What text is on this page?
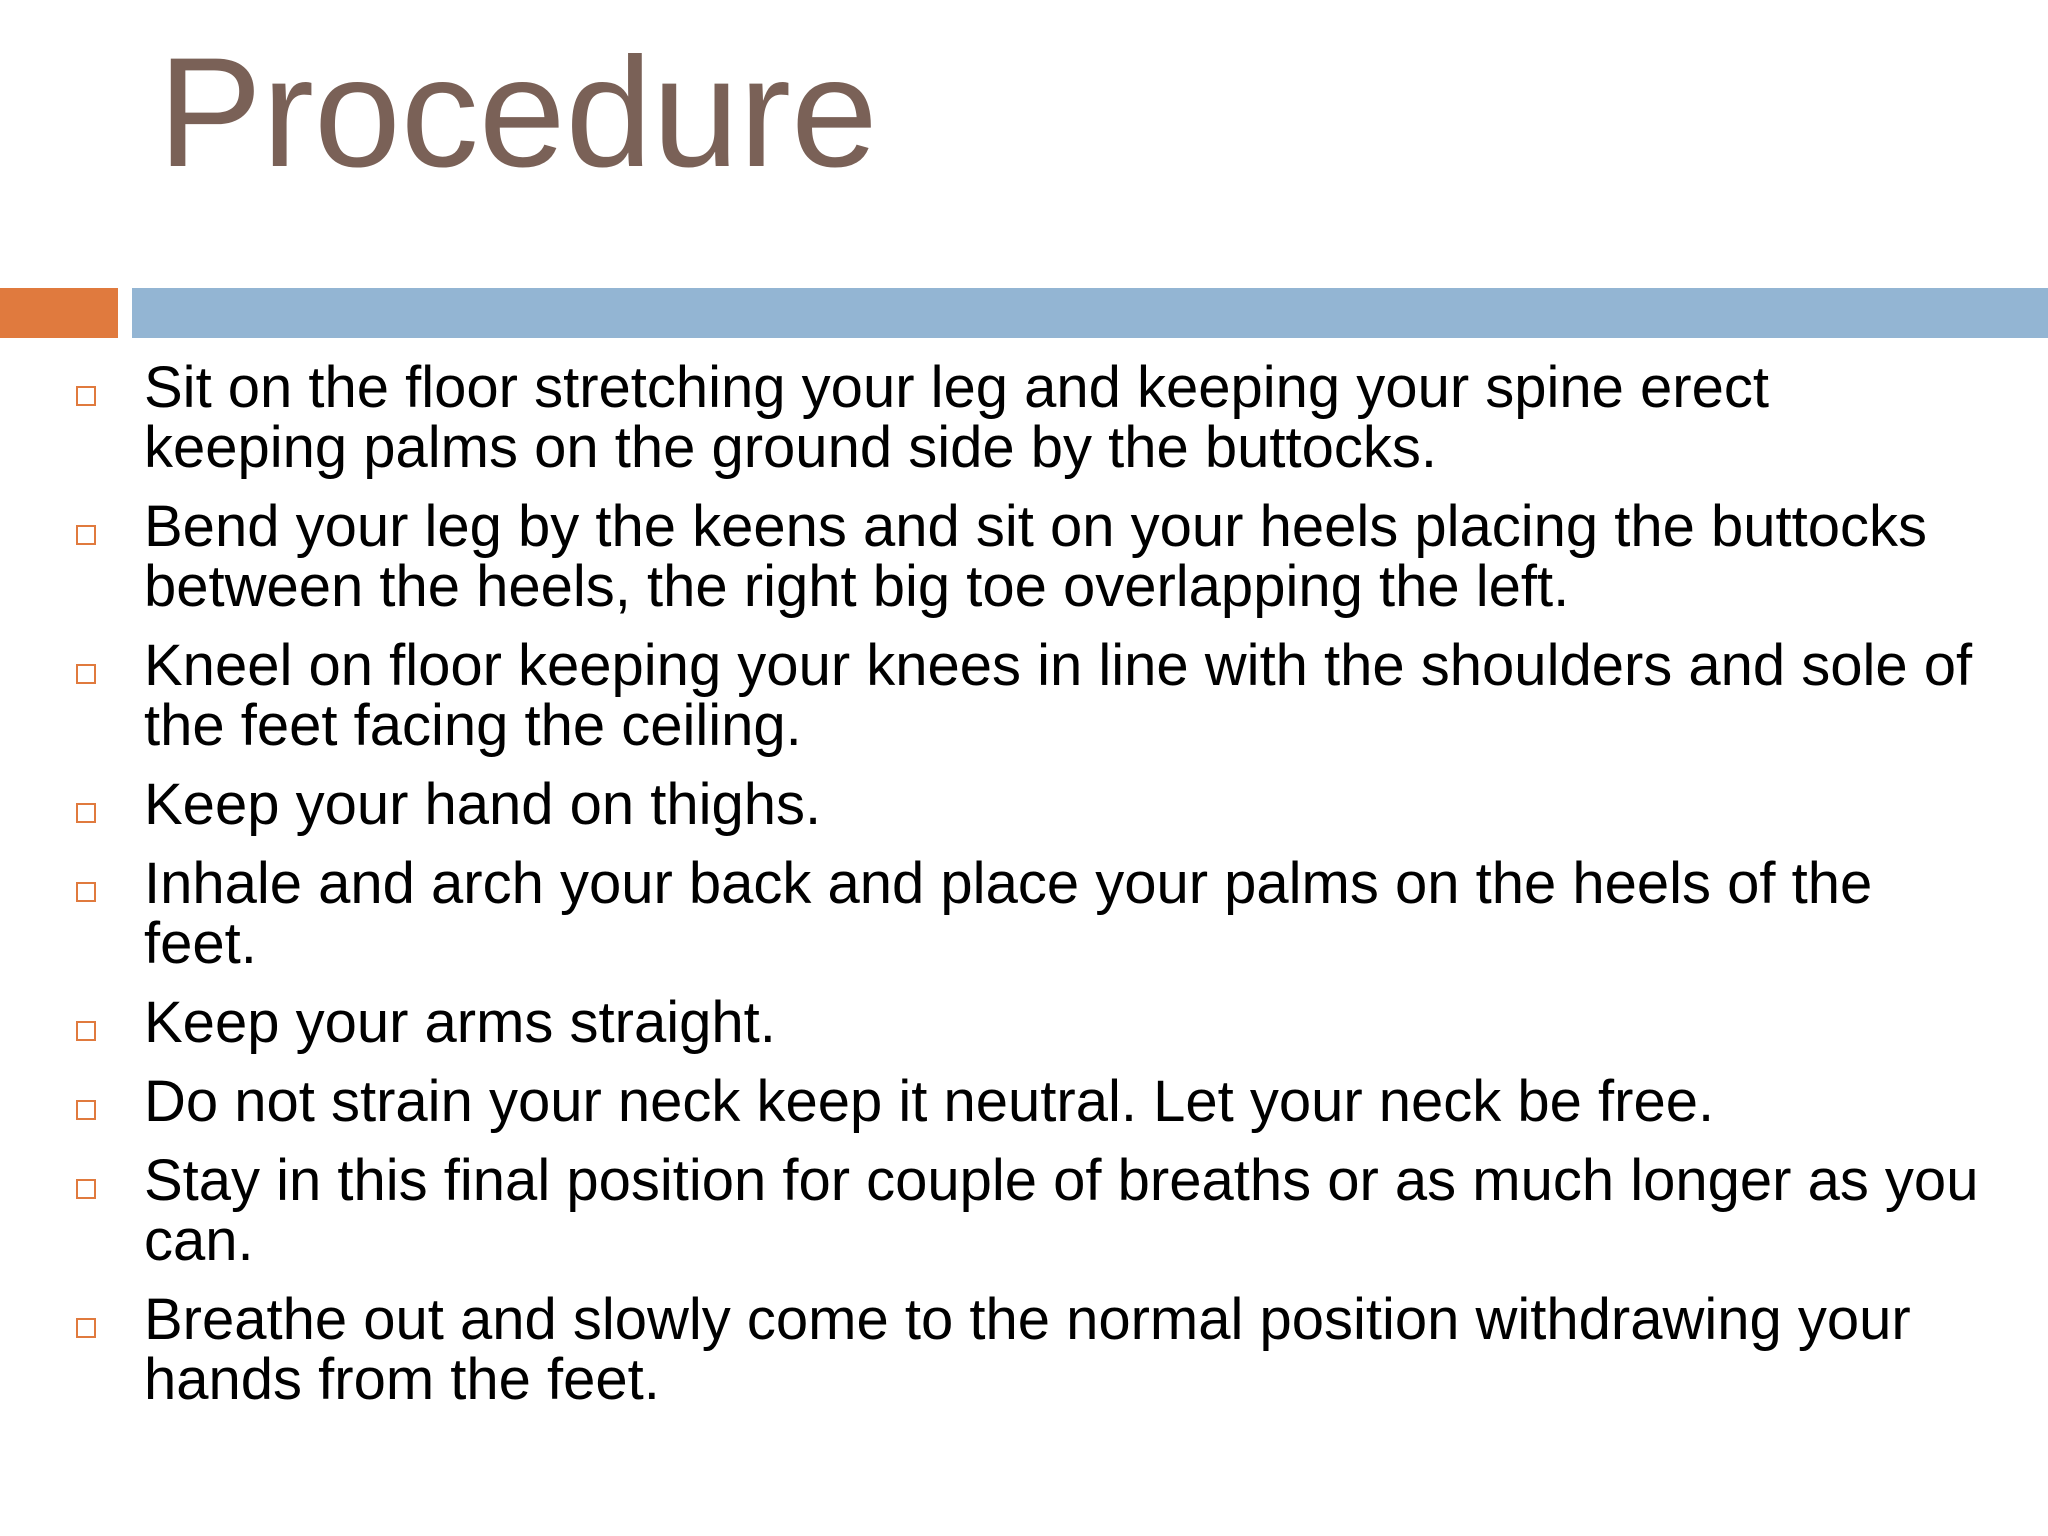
Procedure
Sit on the floor stretching your leg and keeping your spine erect keeping palms on the ground side by the buttocks.
Bend your leg by the keens and sit on your heels placing the buttocks between the heels, the right big toe overlapping the left.
Kneel on floor keeping your knees in line with the shoulders and sole of the feet facing the ceiling.
Keep your hand on thighs.
Inhale and arch your back and place your palms on the heels of the feet.
Keep your arms straight.
Do not strain your neck keep it neutral. Let your neck be free.
Stay in this final position for couple of breaths or as much longer as you can.
Breathe out and slowly come to the normal position withdrawing your hands from the feet.
